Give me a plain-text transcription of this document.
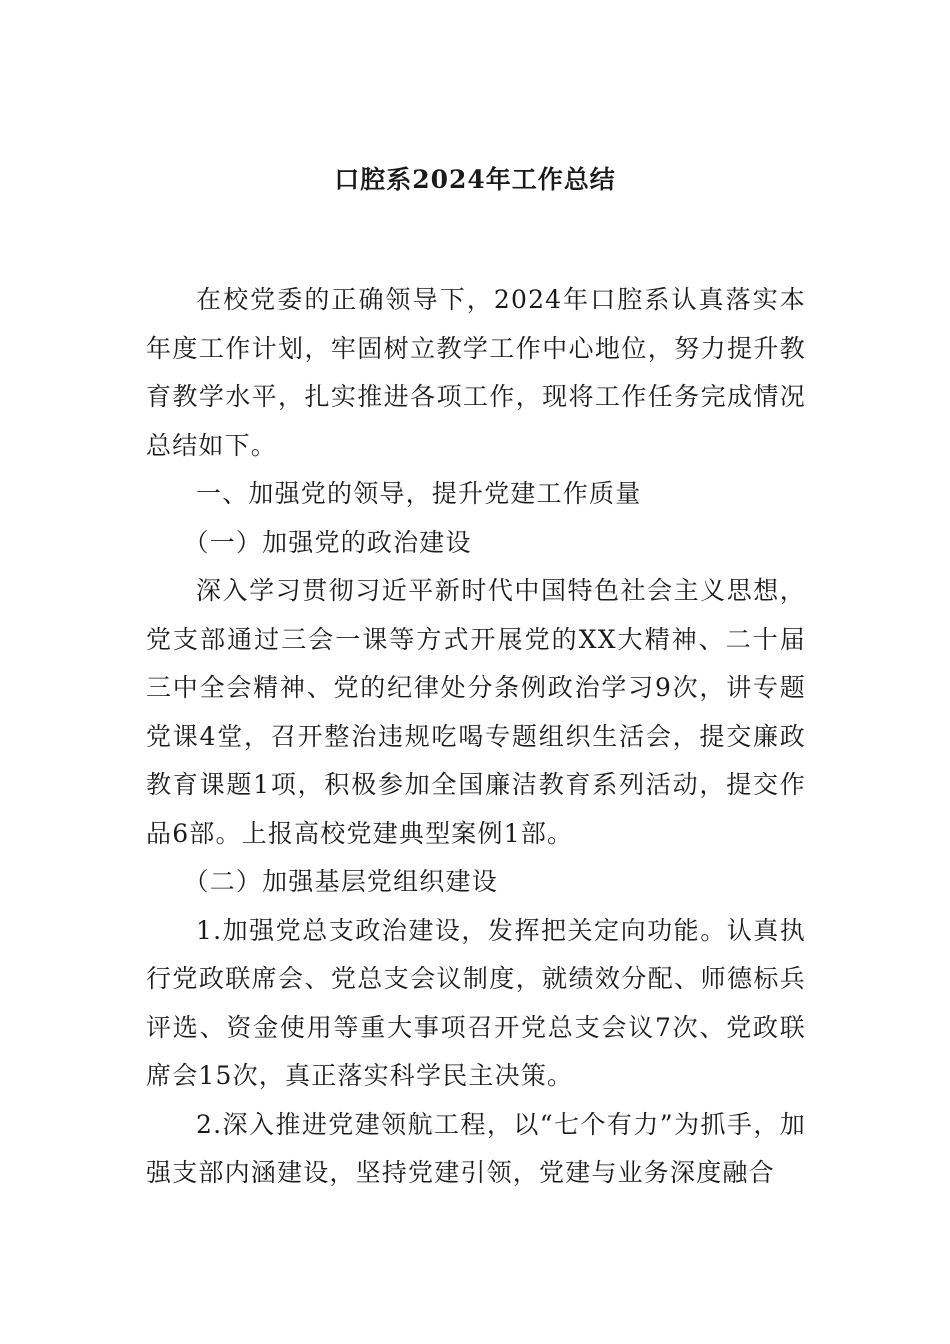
口腔系2024年工作总结

在校党委的正确领导下，2024年口腔系认真落实本年度工作计划，牢固树立教学工作中心地位，努力提升教育教学水平，扎实推进各项工作，现将工作任务完成情况总结如下。

一、加强党的领导，提升党建工作质量

（一）加强党的政治建设

深入学习贯彻习近平新时代中国特色社会主义思想，党支部通过三会一课等方式开展党的XX大精神、二十届三中全会精神、党的纪律处分条例政治学习9次，讲专题党课4堂，召开整治违规吃喝专题组织生活会，提交廉政教育课题1项，积极参加全国廉洁教育系列活动，提交作品6部。上报高校党建典型案例1部。

（二）加强基层党组织建设

1.加强党总支政治建设，发挥把关定向功能。认真执行党政联席会、党总支会议制度，就绩效分配、师德标兵评选、资金使用等重大事项召开党总支会议7次、党政联席会15次，真正落实科学民主决策。

2.深入推进党建领航工程，以“七个有力”为抓手，加强支部内涵建设，坚持党建引领，党建与业务深度融合
